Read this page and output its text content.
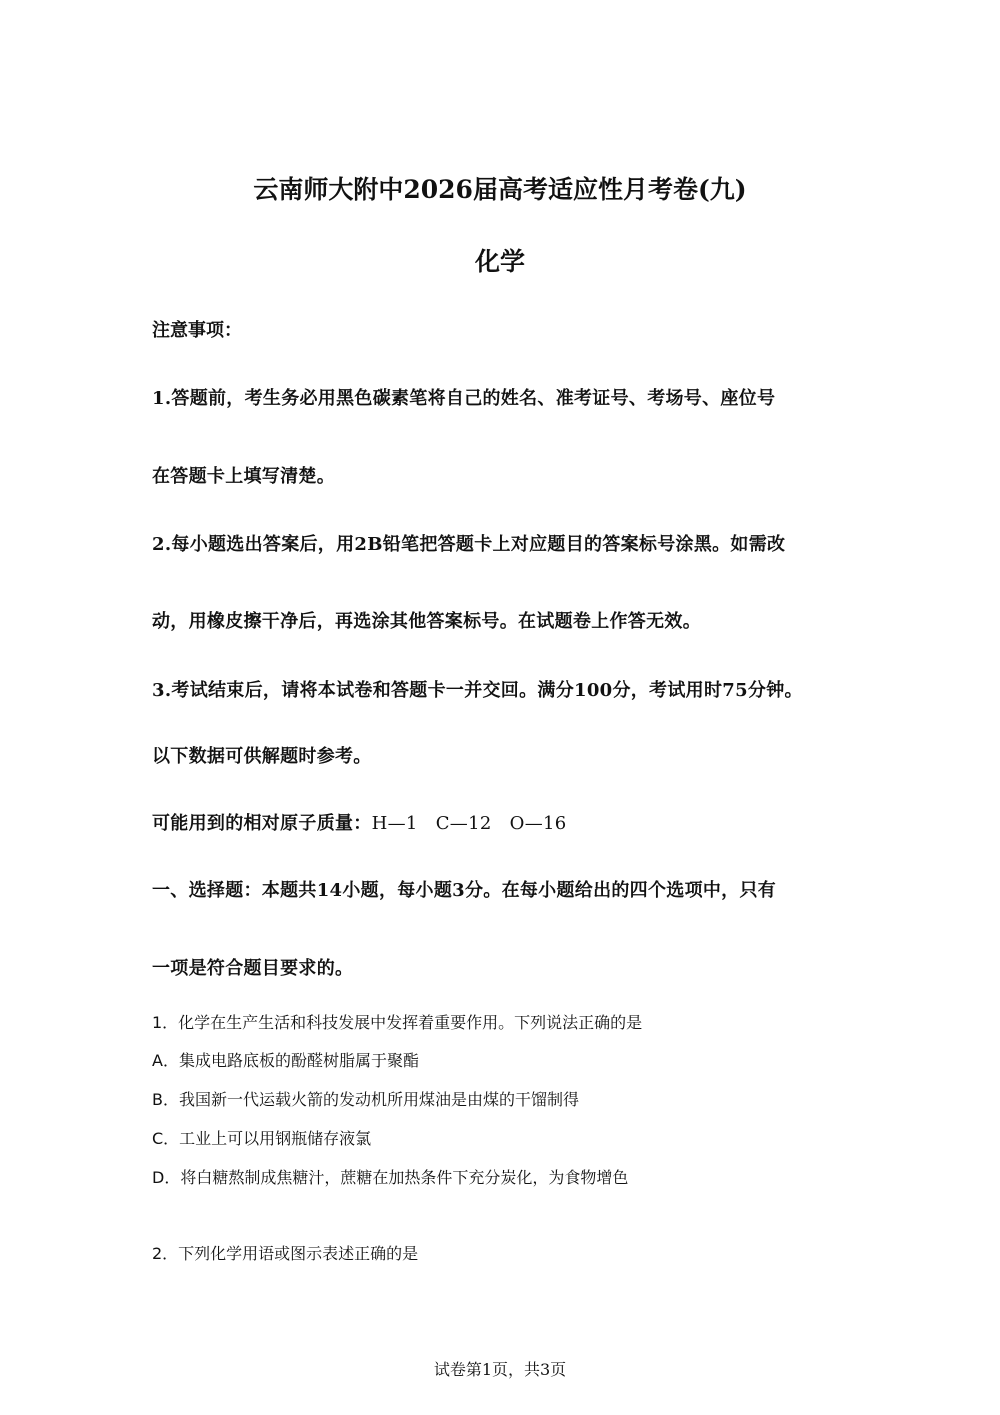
云南师大附中2026届高考适应性月考卷(九)
化学
注意事项：
1.答题前，考生务必用黑色碳素笔将自己的姓名、准考证号、考场号、座位号
在答题卡上填写清楚。
2.每小题选出答案后，用2B铅笔把答题卡上对应题目的答案标号涂黑。如需改
动，用橡皮擦干净后，再选涂其他答案标号。在试题卷上作答无效。
3.考试结束后，请将本试卷和答题卡一并交回。满分100分，考试用时75分钟。
以下数据可供解题时参考。
可能用到的相对原子质量：H—1   C—12   O—16
一、选择题：本题共14小题，每小题3分。在每小题给出的四个选项中，只有
一项是符合题目要求的。
1．化学在生产生活和科技发展中发挥着重要作用。下列说法正确的是
A．集成电路底板的酚醛树脂属于聚酯
B．我国新一代运载火箭的发动机所用煤油是由煤的干馏制得
C．工业上可以用钢瓶储存液氯
D．将白糖熬制成焦糖汁，蔗糖在加热条件下充分炭化，为食物增色
2．下列化学用语或图示表述正确的是
试卷第1页，共3页
